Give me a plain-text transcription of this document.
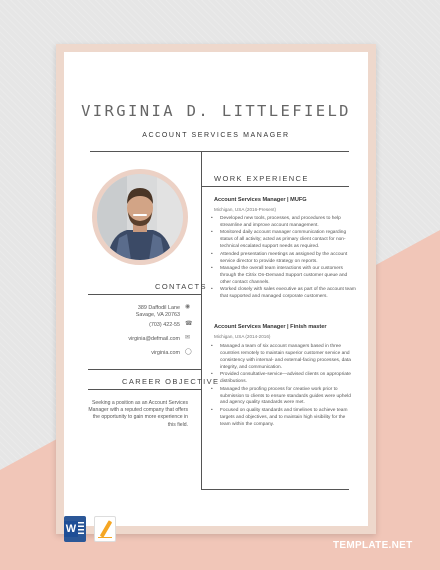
VIRGINIA D. LITTLEFIELD
ACCOUNT SERVICES MANAGER
WORK EXPERIENCE
CONTACTS
389 Daffodil Lane
Savage, VA 20763
◉
(703) 422-55 ☎
virginia@defmail.com ✉
virginia.com ◯
CAREER OBJECTIVE
Seeking a position as an Account Services Manager with a reputed company that offers the opportunity to gain more experience in this field.
Account Services Manager | MUFG
Michigan, USA (2016-Present)
• Developed new tools, processes, and procedures to help streamline and improve account management.
• Monitored daily account manager communication regarding status of all activity; acted as primary client contact for non-technical escalated support needs as required.
• Attended presentation meetings as assigned by the account service director to provide strategy on reports.
• Managed the overall team interactions with our customers through the Citrix On-Demand Support customer queue and other contact channels.
• Worked closely with sales executive as part of the account team that supported and managed corporate customers.
Account Services Manager | Finish master
Michigan, USA (2014-2016)
• Managed a team of six account managers based in three countries remotely to maintain superior customer service and consistency with internal- and external-facing processes, data integrity, and communication.
• Provided consultative-service—advised clients on appropriate distributions.
• Managed the proofing process for creative work prior to submission to clients to ensure standards guides were upheld and agency quality standards were met.
• Focused on quality standards and timelines to achieve team targets and objectives, and to maintain high visibility for the team within the company.
W
TEMPLATE.NET
